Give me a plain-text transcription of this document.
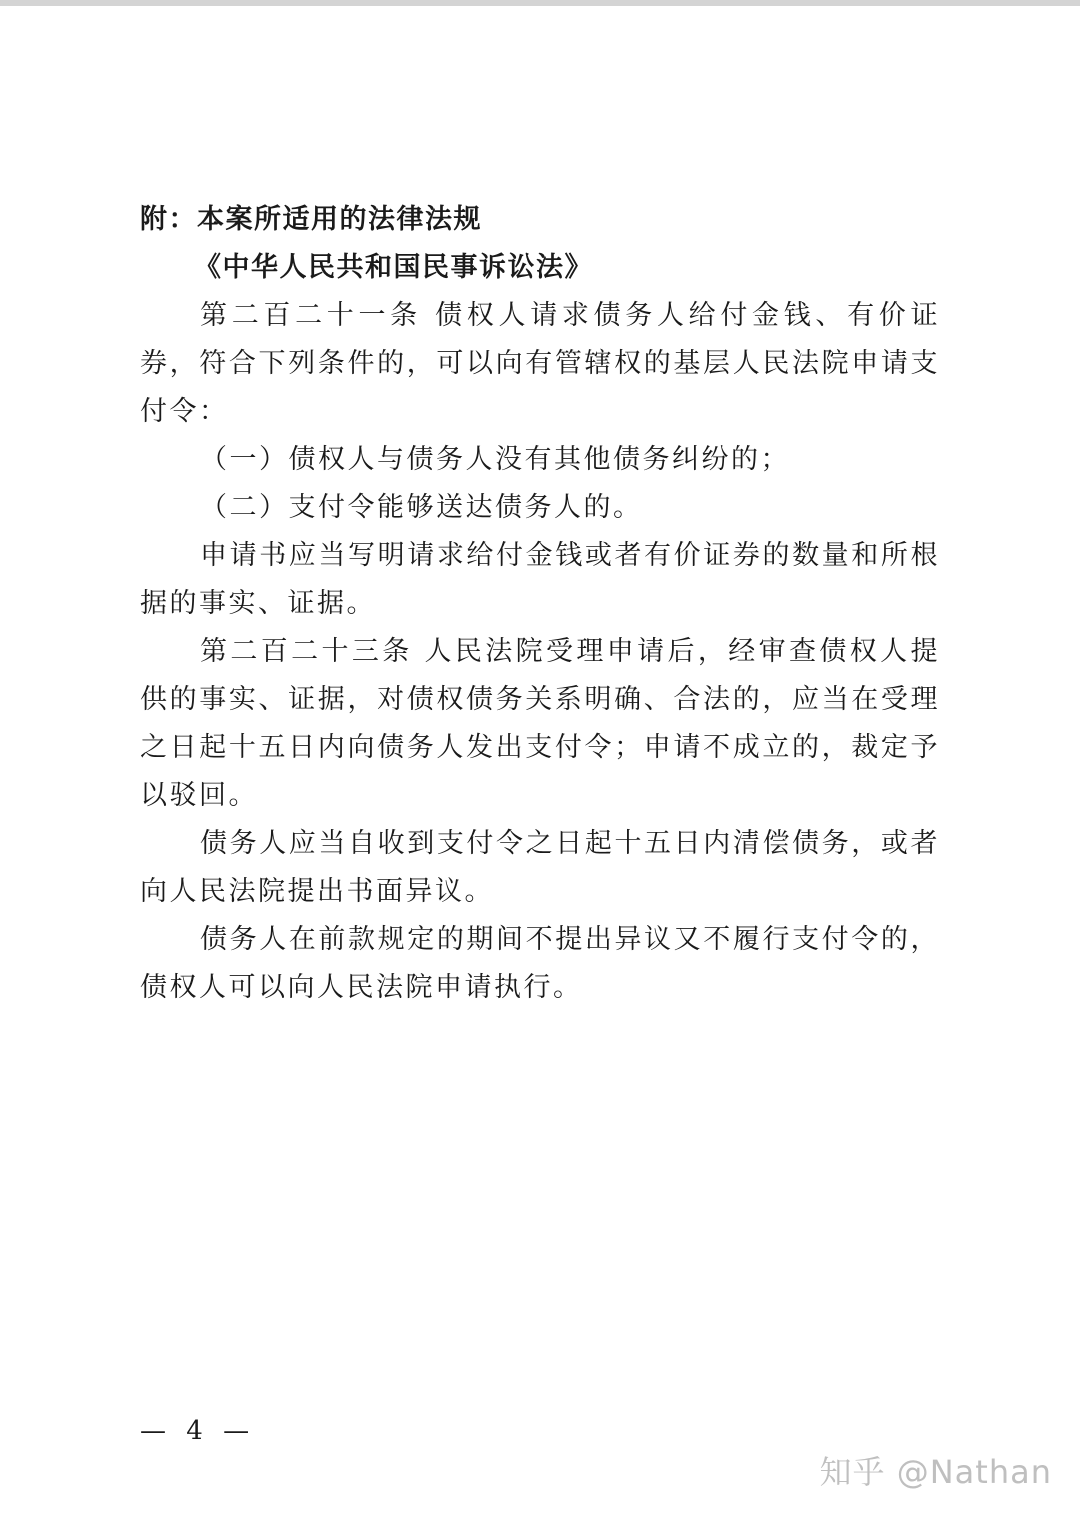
附：本案所适用的法律法规
《中华人民共和国民事诉讼法》
第二百二十一条 债权人请求债务人给付金钱、有价证券，符合下列条件的，可以向有管辖权的基层人民法院申请支付令：
（一）债权人与债务人没有其他债务纠纷的；
（二）支付令能够送达债务人的。
申请书应当写明请求给付金钱或者有价证券的数量和所根据的事实、证据。
第二百二十三条 人民法院受理申请后，经审查债权人提供的事实、证据，对债权债务关系明确、合法的，应当在受理之日起十五日内向债务人发出支付令；申请不成立的，裁定予以驳回。
债务人应当自收到支付令之日起十五日内清偿债务，或者向人民法院提出书面异议。
债务人在前款规定的期间不提出异议又不履行支付令的，债权人可以向人民法院申请执行。
— 4 —
知乎 @Nathan
